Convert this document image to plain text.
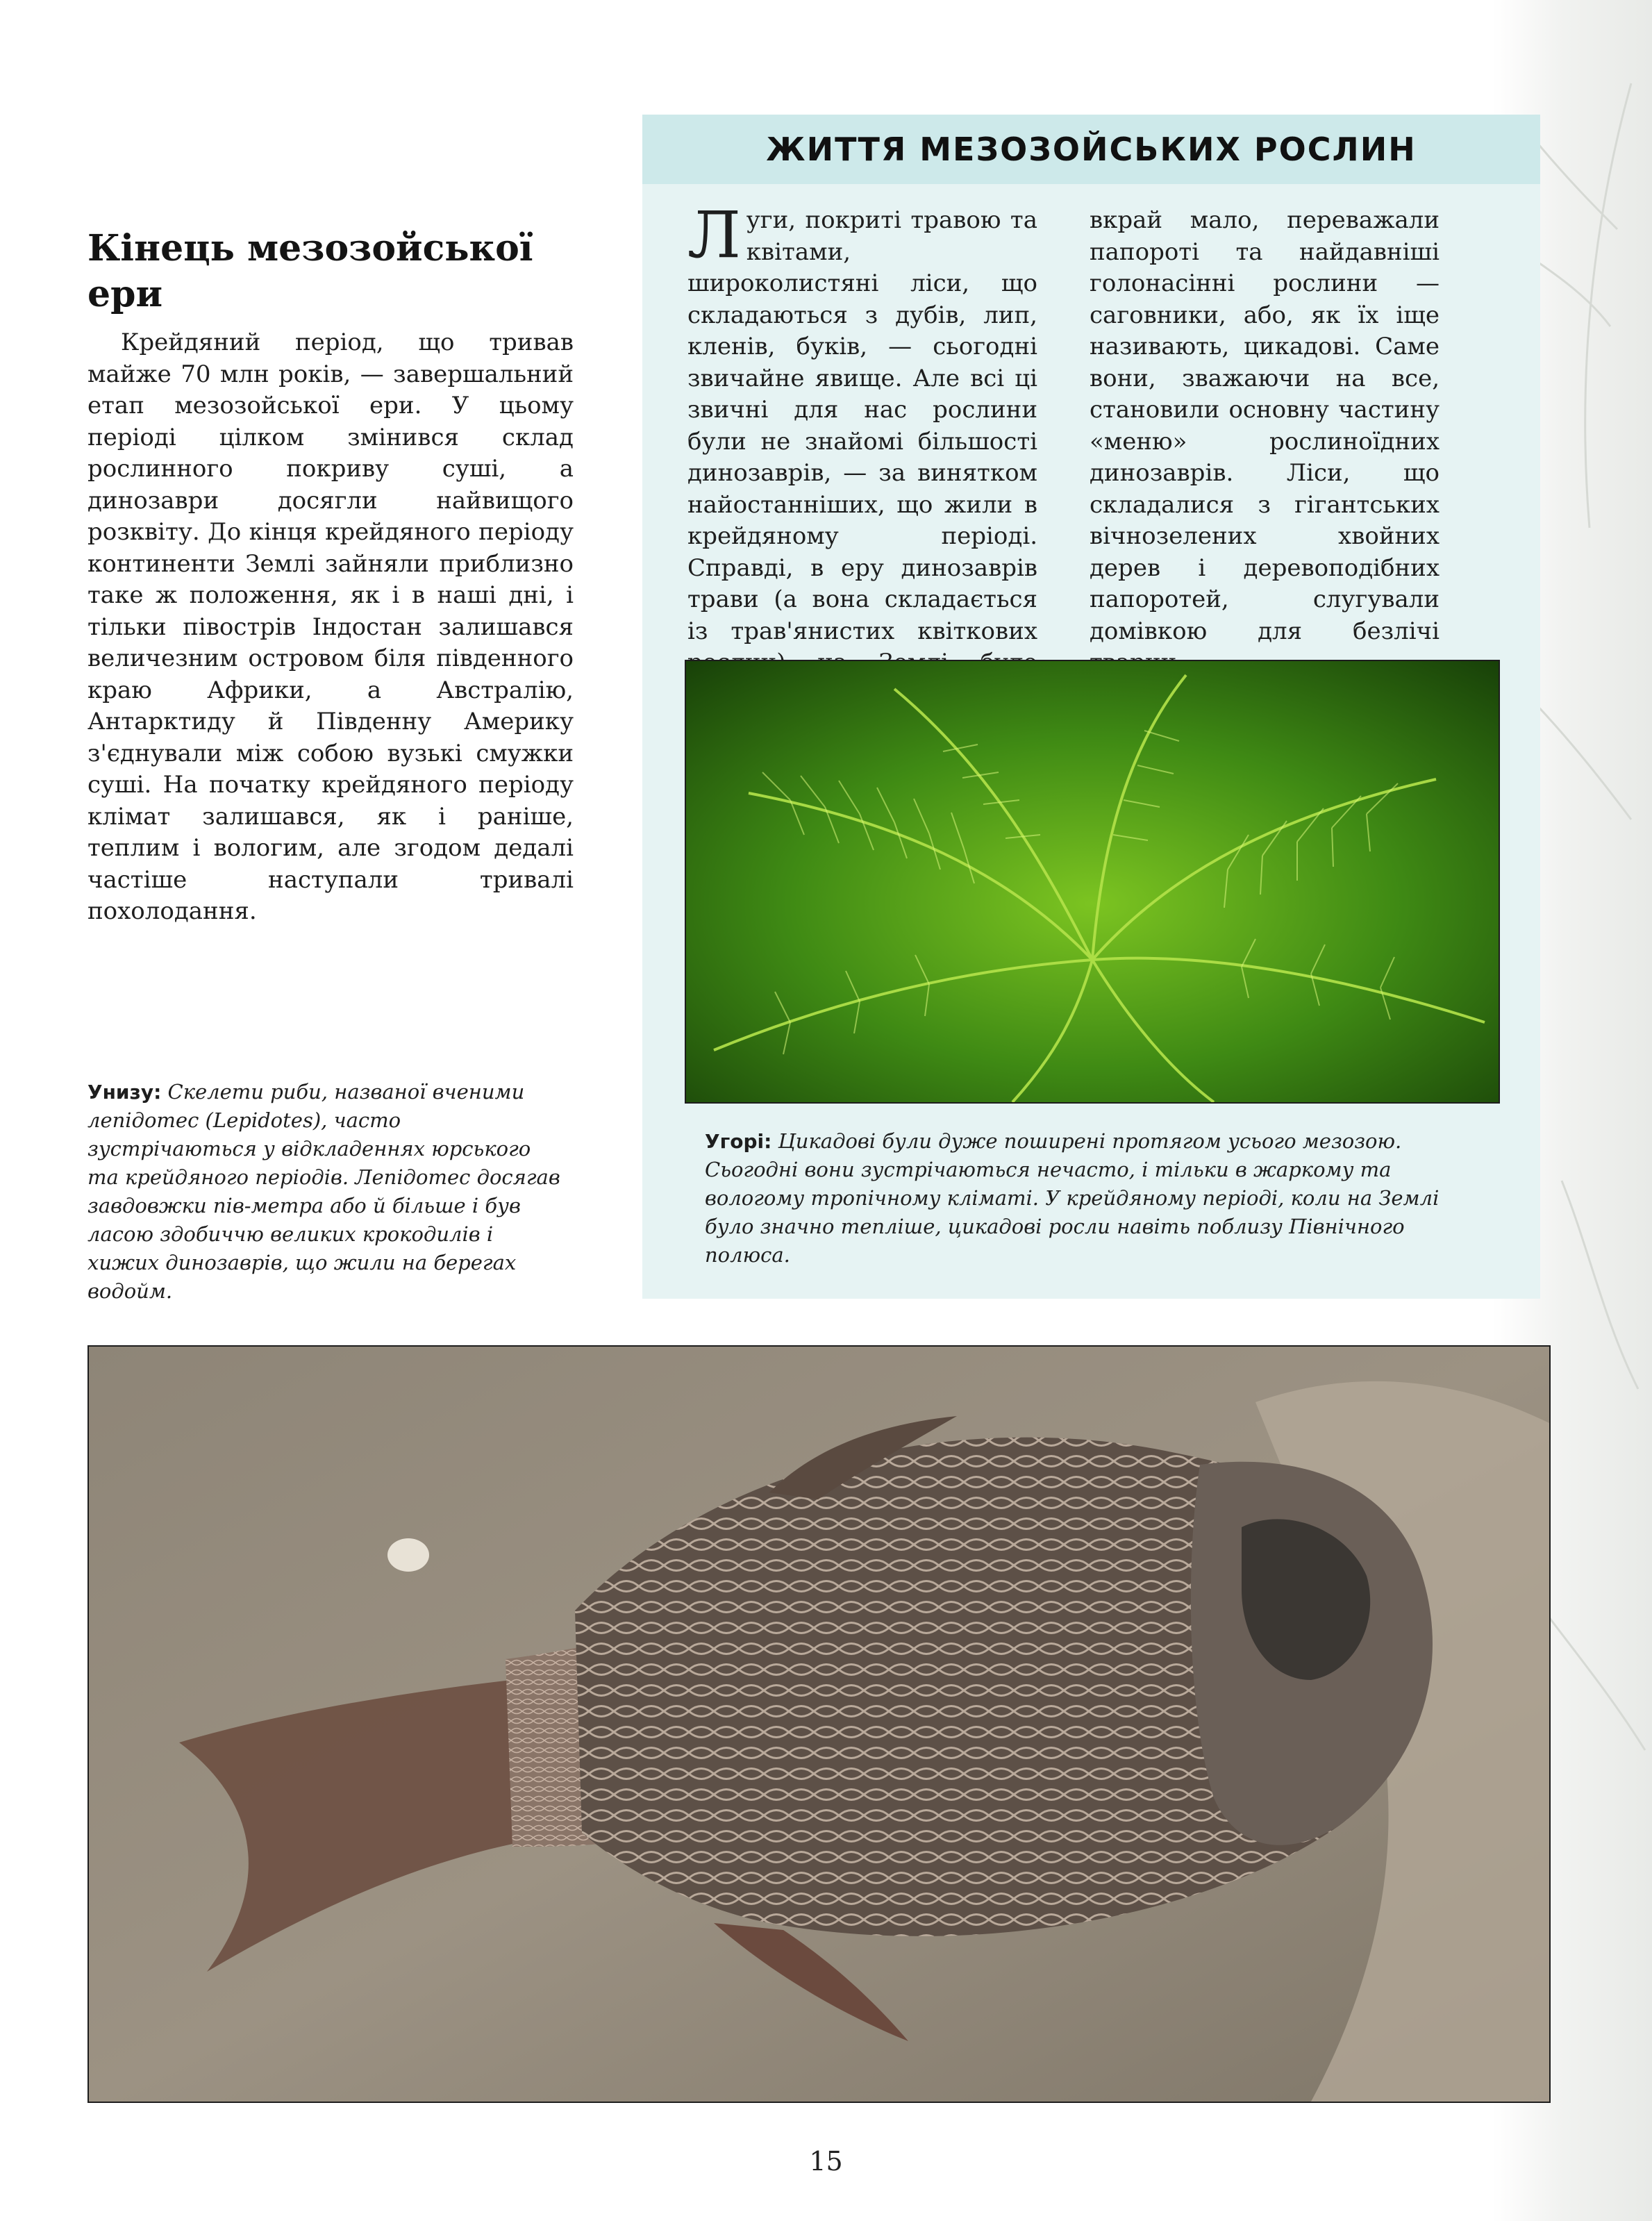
Кінець мезозойської ери

Крейдяний період, що тривав майже 70 млн років, — завершальний етап мезозойської ери. У цьому періоді цілком змінився склад рослинного покриву суші, а динозаври досягли найвищого розквіту. До кінця крейдяного періоду континенти Землі зайняли приблизно таке ж положення, як і в наші дні, і тільки півострів Індостан залишався величезним островом біля південного краю Африки, а Австралію, Антарктиду й Південну Америку з'єднували між собою вузькі смужки суші. На початку крейдяного періоду клімат залишався, як і раніше, теплим і вологим, але згодом дедалі частіше наступали тривалі похолодання.

Унизу: Скелети риби, названої вченими лепідотес (Lepidotes), часто зустрічаються у відкладеннях юрського та крейдяного періодів. Лепідотес досягав завдовжки пів-метра або й більше і був ласою здобиччю великих крокодилів і хижих динозаврів, що жили на берегах водойм.

ЖИТТЯ МЕЗОЗОЙСЬКИХ РОСЛИН

Луги, покриті травою та квітами, широколистяні ліси, що складаються з дубів, лип, кленів, буків, — сьогодні звичайне явище. Але всі ці звичні для нас рослини були не знайомі більшості динозаврів, — за винятком найостанніших, що жили в крейдяному періоді. Справді, в еру динозаврів трави (а вона складається із трав'янистих квіткових вкрай мало, переважали папороті та найдавніші голонасінні рослини — саговники, або, як їх іще називають, цикадові. Саме вони, зважаючи на все, становили основну частину «меню» рослиноїдних динозаврів. Ліси, що складалися з гігантських вічнозелених хвойних дерев і деревоподібних папоротей, слугували домівкою для безлічі

Угорі: Цикадові були дуже поширені протягом усього мезозою. Сьогодні вони зустрічаються нечасто, і тільки в жаркому та вологому тропічному кліматі. У крейдяному періоді, коли на Землі було значно тепліше, цикадові росли навіть поблизу Північного полюса.

15
